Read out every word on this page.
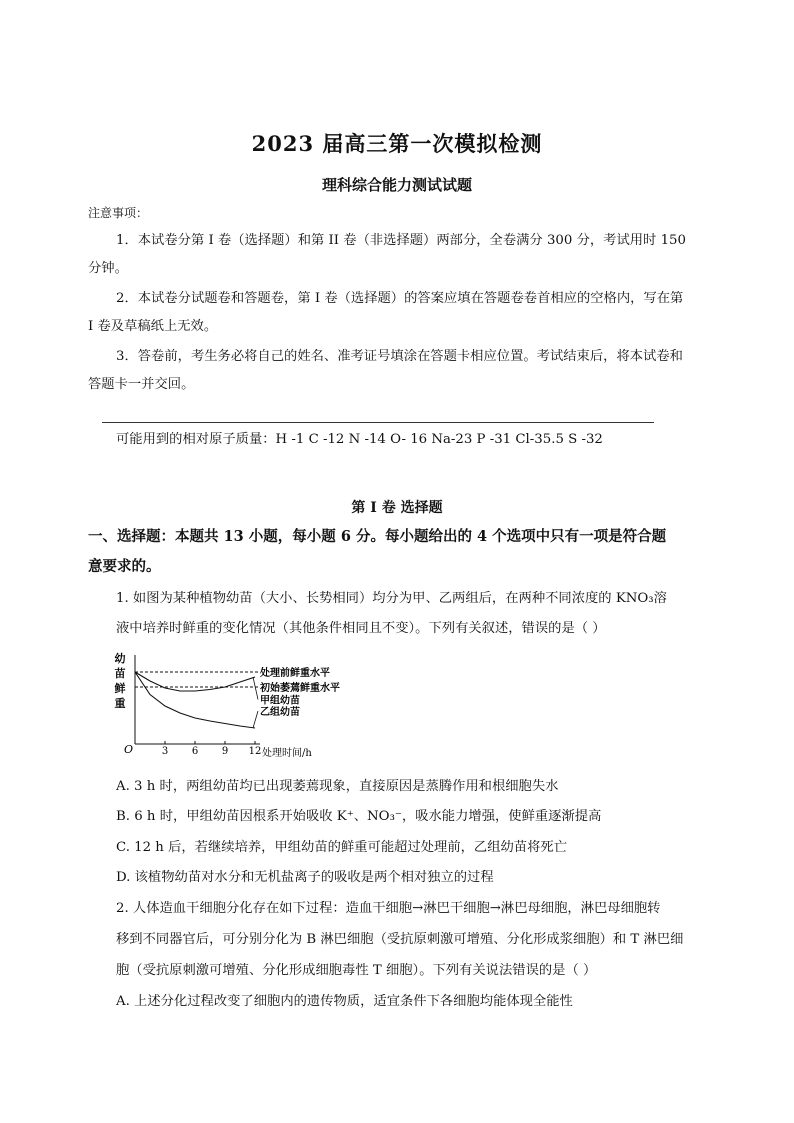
2023 届高三第一次模拟检测
理科综合能力测试试题
注意事项：
1．本试卷分第 I 卷（选择题）和第 II 卷（非选择题）两部分，全卷满分 300 分，考试用时 150
分钟。
2．本试卷分试题卷和答题卷，第 I 卷（选择题）的答案应填在答题卷卷首相应的空格内，写在第
I 卷及草稿纸上无效。
3．答卷前，考生务必将自己的姓名、准考证号填涂在答题卡相应位置。考试结束后，将本试卷和
答题卡一并交回。
可能用到的相对原子质量：H -1 C -12 N -14 O- 16 Na-23 P -31 Cl-35.5 S -32
第 I 卷 选择题
一、选择题：本题共 13 小题，每小题 6 分。每小题给出的 4 个选项中只有一项是符合题
意要求的。
1. 如图为某种植物幼苗（大小、长势相同）均分为甲、乙两组后，在两种不同浓度的 KNO₃溶
液中培养时鲜重的变化情况（其他条件相同且不变）。下列有关叙述，错误的是（ ）
幼
苗
鲜
重
O	3 6 9 12
处理前鲜重水平
初始萎蔫鲜重水平
甲组幼苗
乙组幼苗
处理时间/h
A. 3 h 时，两组幼苗均已出现萎蔫现象，直接原因是蒸腾作用和根细胞失水
B. 6 h 时，甲组幼苗因根系开始吸收 K⁺、NO₃⁻，吸水能力增强，使鲜重逐渐提高
C. 12 h 后，若继续培养，甲组幼苗的鲜重可能超过处理前，乙组幼苗将死亡
D. 该植物幼苗对水分和无机盐离子的吸收是两个相对独立的过程
2. 人体造血干细胞分化存在如下过程：造血干细胞→淋巴干细胞→淋巴母细胞，淋巴母细胞转
移到不同器官后，可分别分化为 B 淋巴细胞（受抗原刺激可增殖、分化形成浆细胞）和 T 淋巴细
胞（受抗原刺激可增殖、分化形成细胞毒性 T 细胞）。下列有关说法错误的是（ ）
A. 上述分化过程改变了细胞内的遗传物质，适宜条件下各细胞均能体现全能性
